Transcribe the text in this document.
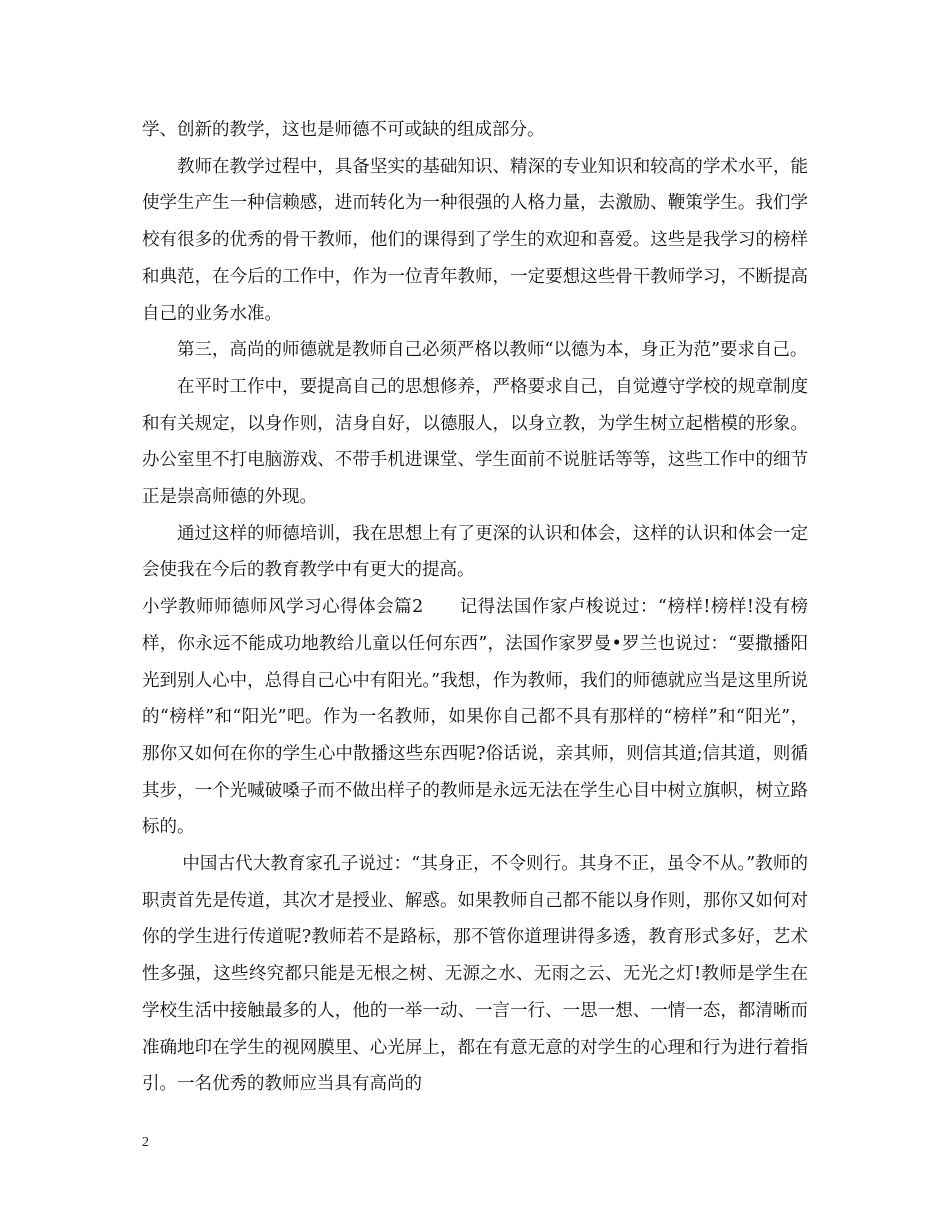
学、创新的教学，这也是师德不可或缺的组成部分。

教师在教学过程中，具备坚实的基础知识、精深的专业知识和较高的学术水平，能使学生产生一种信赖感，进而转化为一种很强的人格力量，去激励、鞭策学生。我们学校有很多的优秀的骨干教师，他们的课得到了学生的欢迎和喜爱。这些是我学习的榜样和典范，在今后的工作中，作为一位青年教师，一定要想这些骨干教师学习，不断提高自己的业务水准。

第三，高尚的师德就是教师自己必须严格以教师“以德为本，身正为范”要求自己。

在平时工作中，要提高自己的思想修养，严格要求自己，自觉遵守学校的规章制度和有关规定，以身作则，洁身自好，以德服人，以身立教，为学生树立起楷模的形象。办公室里不打电脑游戏、不带手机进课堂、学生面前不说脏话等等，这些工作中的细节正是崇高师德的外现。

通过这样的师德培训，我在思想上有了更深的认识和体会，这样的认识和体会一定会使我在今后的教育教学中有更大的提高。

小学教师师德师风学习心得体会篇2　　记得法国作家卢梭说过：“榜样!榜样!没有榜样，你永远不能成功地教给儿童以任何东西”，法国作家罗曼•罗兰也说过：“要撒播阳光到别人心中，总得自己心中有阳光。”我想，作为教师，我们的师德就应当是这里所说的“榜样”和“阳光”吧。作为一名教师，如果你自己都不具有那样的“榜样”和“阳光”，那你又如何在你的学生心中散播这些东西呢?俗话说，亲其师，则信其道;信其道，则循其步，一个光喊破嗓子而不做出样子的教师是永远无法在学生心目中树立旗帜，树立路标的。

中国古代大教育家孔子说过：“其身正，不令则行。其身不正，虽令不从。”教师的职责首先是传道，其次才是授业、解惑。如果教师自己都不能以身作则，那你又如何对你的学生进行传道呢?教师若不是路标，那不管你道理讲得多透，教育形式多好，艺术性多强，这些终究都只能是无根之树、无源之水、无雨之云、无光之灯!教师是学生在学校生活中接触最多的人，他的一举一动、一言一行、一思一想、一情一态，都清晰而准确地印在学生的视网膜里、心光屏上，都在有意无意的对学生的心理和行为进行着指引。一名优秀的教师应当具有高尚的

2
